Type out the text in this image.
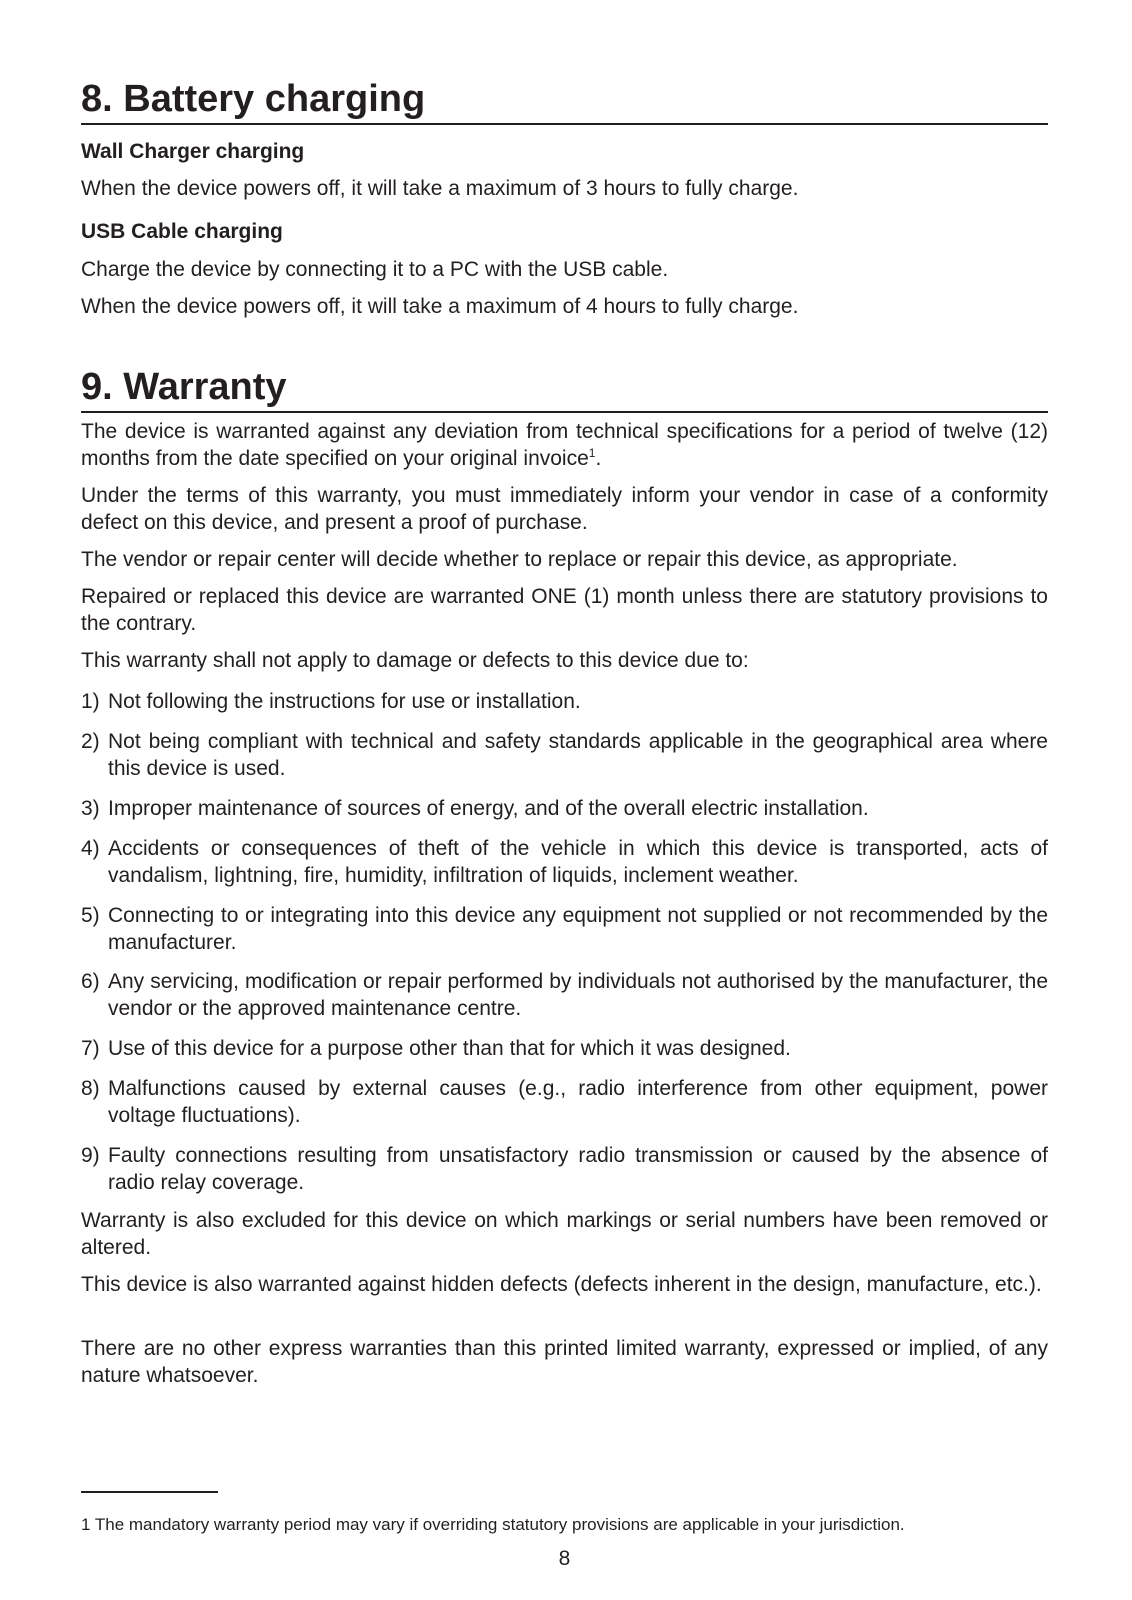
8. Battery charging

Wall Charger charging

When the device powers off, it will take a maximum of 3 hours to fully charge.

USB Cable charging

Charge the device by connecting it to a PC with the USB cable.

When the device powers off, it will take a maximum of 4 hours to fully charge.

9. Warranty

The device is warranted against any deviation from technical specifications for a period of twelve (12) months from the date specified on your original invoice$^1$.

Under the terms of this warranty, you must immediately inform your vendor in case of a conformity defect on this device, and present a proof of purchase.

The vendor or repair center will decide whether to replace or repair this device, as appropriate.

Repaired or replaced this device are warranted ONE (1) month unless there are statutory provisions to the contrary.

This warranty shall not apply to damage or defects to this device due to:

1) Not following the instructions for use or installation.
2) Not being compliant with technical and safety standards applicable in the geographical area where this device is used.
3) Improper maintenance of sources of energy, and of the overall electric installation.
4) Accidents or consequences of theft of the vehicle in which this device is transported, acts of vandalism, lightning, fire, humidity, infiltration of liquids, inclement weather.
5) Connecting to or integrating into this device any equipment not supplied or not recommended by the manufacturer.
6) Any servicing, modification or repair performed by individuals not authorised by the manufacturer, the vendor or the approved maintenance centre.
7) Use of this device for a purpose other than that for which it was designed.
8) Malfunctions caused by external causes (e.g., radio interference from other equipment, power voltage fluctuations).
9) Faulty connections resulting from unsatisfactory radio transmission or caused by the absence of radio relay coverage.

Warranty is also excluded for this device on which markings or serial numbers have been removed or altered.

This device is also warranted against hidden defects (defects inherent in the design, manufacture, etc.).

There are no other express warranties than this printed limited warranty, expressed or implied, of any nature whatsoever.

1 The mandatory warranty period may vary if overriding statutory provisions are applicable in your jurisdiction.

8
